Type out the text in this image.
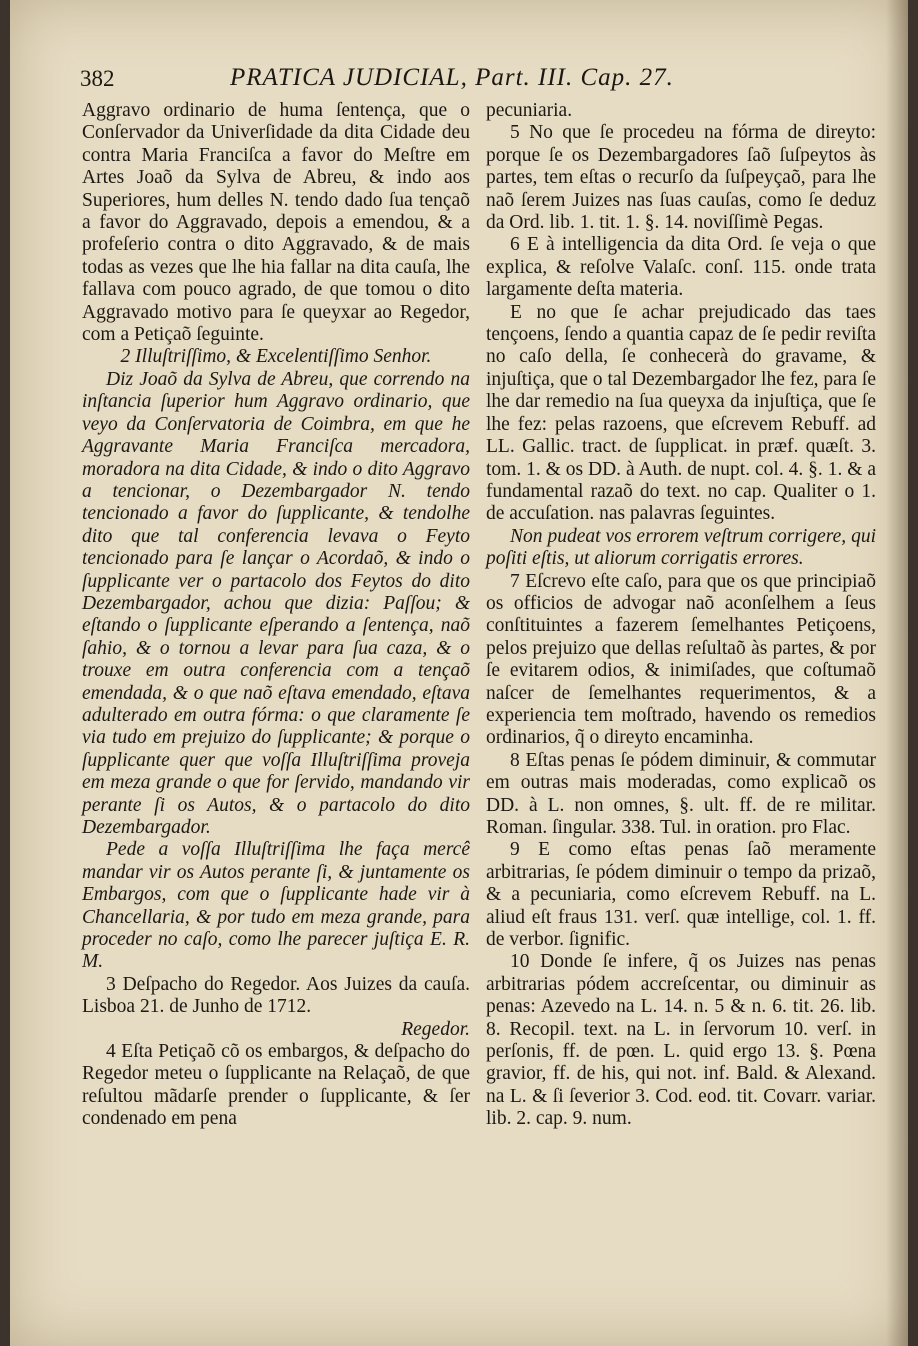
382	PRATICA JUDICIAL, Part. III. Cap. 27.

Aggravo ordinario de huma ſentença, que o Conſervador da Univerſidade da dita Cidade deu contra Maria Franciſca a favor do Meſtre em Artes Joaõ da Sylva de Abreu, & indo aos Superiores, hum delles N. tendo dado ſua tençaõ a favor do Aggravado, depois a emendou, & a profeſerio contra o dito Aggravado, & de mais todas as vezes que lhe hia fallar na dita cauſa, lhe fallava com pouco agrado, de que tomou o dito Aggravado motivo para ſe queyxar ao Regedor, com a Petiçaõ ſeguinte.

2 Illuſtriſſimo, & Excelentiſſimo Senhor.

Diz Joaõ da Sylva de Abreu, que correndo na inſtancia ſuperior hum Aggravo ordinario, que veyo da Conſervatoria de Coimbra, em que he Aggravante Maria Franciſca mercadora, moradora na dita Cidade, & indo o dito Aggravo a tencionar, o Dezembargador N. tendo tencionado a favor do ſupplicante, & tendolhe dito que tal conferencia levava o Feyto tencionado para ſe lançar o Acordaõ, & indo o ſupplicante ver o partacolo dos Feytos do dito Dezembargador, achou que dizia: Paſſou; & eſtando o ſupplicante eſperando a ſentença, naõ ſahio, & o tornou a levar para ſua caza, & o trouxe em outra conferencia com a tençaõ emendada, & o que naõ eſtava emendado, eſtava adulterado em outra fórma: o que claramente ſe via tudo em prejuizo do ſupplicante; & porque o ſupplicante quer que voſſa Illuſtriſſima proveja em meza grande o que for ſervido, mandando vir perante ſi os Autos, & o partacolo do dito Dezembargador.

Pede a voſſa Illuſtriſſima lhe faça mercê mandar vir os Autos perante ſi, & juntamente os Embargos, com que o ſupplicante hade vir à Chancellaria, & por tudo em meza grande, para proceder no caſo, como lhe parecer juſtiça E. R. M.

3 Deſpacho do Regedor. Aos Juizes da cauſa. Lisboa 21. de Junho de 1712.

Regedor.

4 Eſta Petiçaõ cõ os embargos, & deſpacho do Regedor meteu o ſupplicante na Relaçaõ, de que reſultou mãdarſe prender o ſupplicante, & ſer condenado em pena

pecuniaria.

5 No que ſe procedeu na fórma de direyto: porque ſe os Dezembargadores ſaõ ſuſpeytos às partes, tem eſtas o recurſo da ſuſpeyçaõ, para lhe naõ ſerem Juizes nas ſuas cauſas, como ſe deduz da Ord. lib. 1. tit. 1. §. 14. noviſſimè Pegas.

6 E à intelligencia da dita Ord. ſe veja o que explica, & reſolve Valaſc. conſ. 115. onde trata largamente deſta materia.

E no que ſe achar prejudicado das taes tençoens, ſendo a quantia capaz de ſe pedir reviſta no caſo della, ſe conhecerà do gravame, & injuſtiça, que o tal Dezembargador lhe fez, para ſe lhe dar remedio na ſua queyxa da injuſtiça, que ſe lhe fez: pelas razoens, que eſcrevem Rebuff. ad LL. Gallic. tract. de ſupplicat. in præf. quæſt. 3. tom. 1. & os DD. à Auth. de nupt. col. 4. §. 1. & a fundamental razaõ do text. no cap. Qualiter o 1. de accuſation. nas palavras ſeguintes.

Non pudeat vos errorem veſtrum corrigere, qui poſiti eſtis, ut aliorum corrigatis errores.

7 Eſcrevo eſte caſo, para que os que principiaõ os officios de advogar naõ aconſelhem a ſeus conſtituintes a fazerem ſemelhantes Petiçoens, pelos prejuizo que dellas reſultaõ às partes, & por ſe evitarem odios, & inimiſades, que coſtumaõ naſcer de ſemelhantes requerimentos, & a experiencia tem moſtrado, havendo os remedios ordinarios, q̃ o direyto encaminha.

8 Eſtas penas ſe pódem diminuir, & commutar em outras mais moderadas, como explicaõ os DD. à L. non omnes, §. ult. ff. de re militar. Roman. ſingular. 338. Tul. in oration. pro Flac.

9 E como eſtas penas ſaõ meramente arbitrarias, ſe pódem diminuir o tempo da prizaõ, & a pecuniaria, como eſcrevem Rebuff. na L. aliud eſt fraus 131. verſ. quæ intellige, col. 1. ff. de verbor. ſignific.

10 Donde ſe infere, q̃ os Juizes nas penas arbitrarias pódem accreſcentar, ou diminuir as penas: Azevedo na L. 14. n. 5 & n. 6. tit. 26. lib. 8. Recopil. text. na L. in ſervorum 10. verſ. in perſonis, ff. de pœn. L. quid ergo 13. §. Pœna gravior, ff. de his, qui not. inf. Bald. & Alexand. na L. & ſi ſeverior 3. Cod. eod. tit. Covarr. variar. lib. 2. cap. 9. num.
